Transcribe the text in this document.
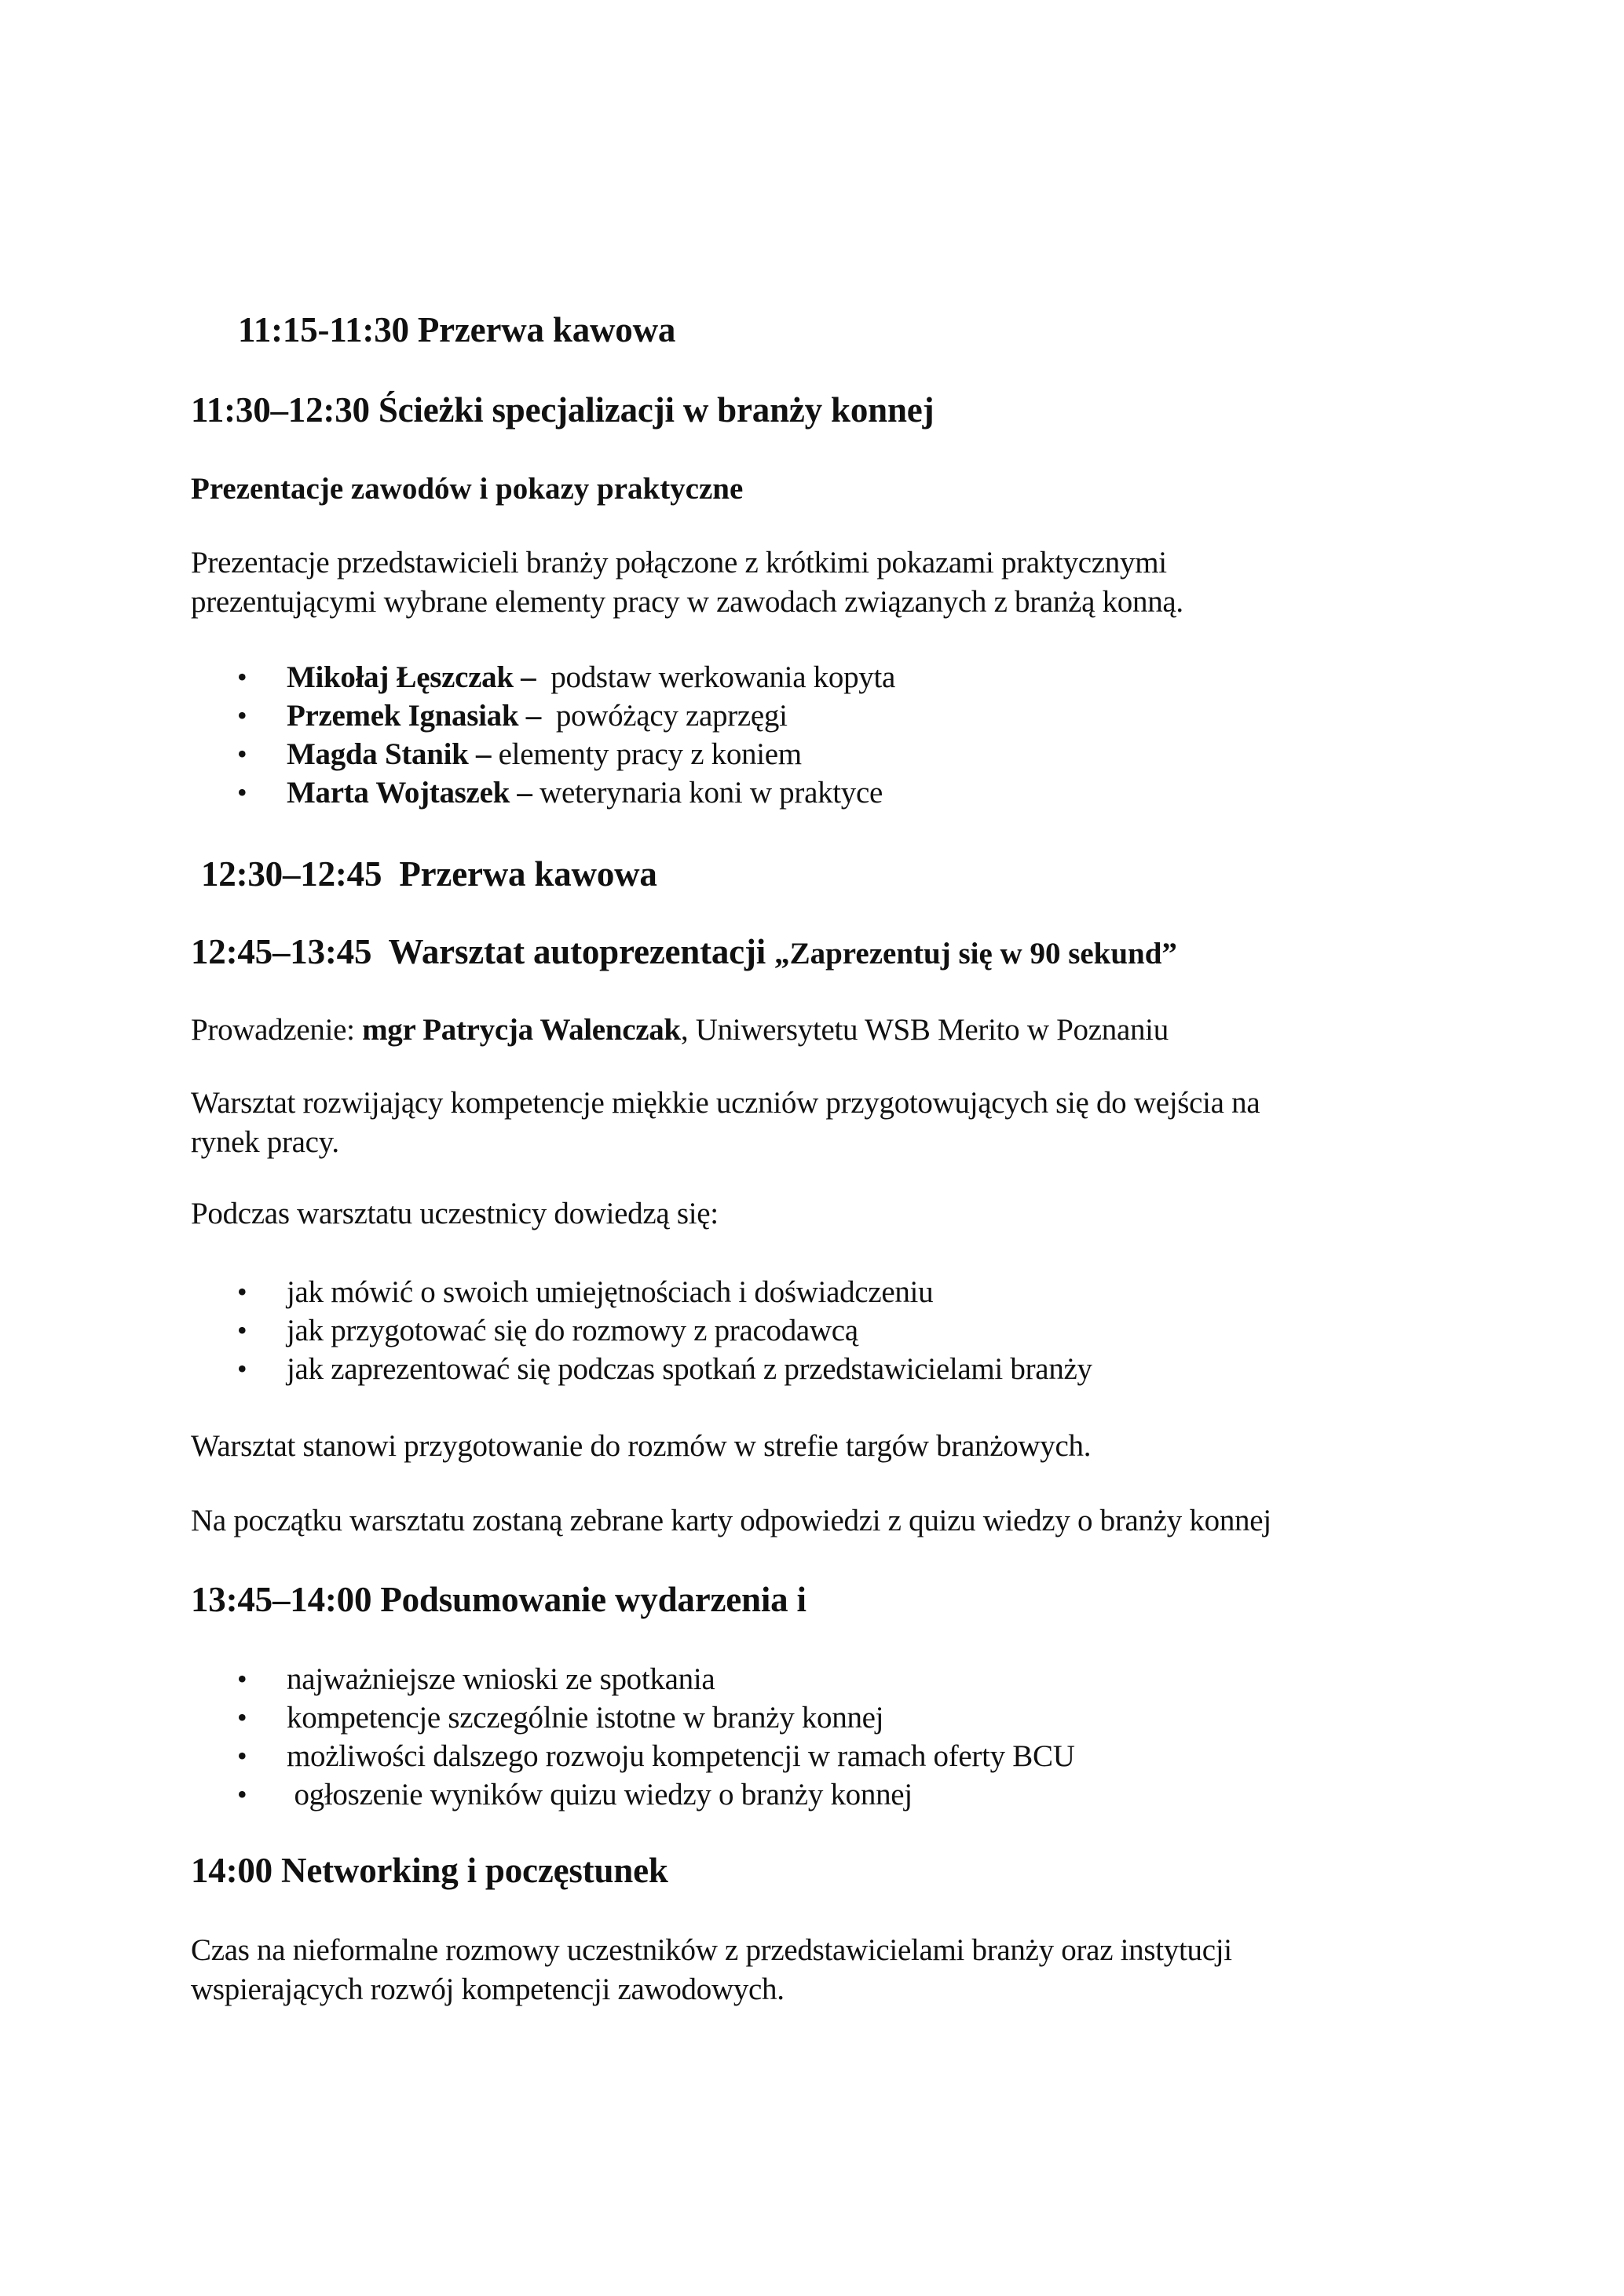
11:15-11:30 Przerwa kawowa
11:30–12:30 Ścieżki specjalizacji w branży konnej
Prezentacje zawodów i pokazy praktyczne
Prezentacje przedstawicieli branży połączone z krótkimi pokazami praktycznymi
prezentującymi wybrane elementy pracy w zawodach związanych z branżą konną.
• Mikołaj Łęszczak –  podstaw werkowania kopyta
• Przemek Ignasiak –  powóżący zaprzęgi
• Magda Stanik – elementy pracy z koniem
• Marta Wojtaszek – weterynaria koni w praktyce
12:30–12:45  Przerwa kawowa
12:45–13:45  Warsztat autoprezentacji „Zaprezentuj się w 90 sekund”
Prowadzenie: mgr Patrycja Walenczak, Uniwersytetu WSB Merito w Poznaniu
Warsztat rozwijający kompetencje miękkie uczniów przygotowujących się do wejścia na
rynek pracy.
Podczas warsztatu uczestnicy dowiedzą się:
• jak mówić o swoich umiejętnościach i doświadczeniu
• jak przygotować się do rozmowy z pracodawcą
• jak zaprezentować się podczas spotkań z przedstawicielami branży
Warsztat stanowi przygotowanie do rozmów w strefie targów branżowych.
Na początku warsztatu zostaną zebrane karty odpowiedzi z quizu wiedzy o branży konnej
13:45–14:00 Podsumowanie wydarzenia i
• najważniejsze wnioski ze spotkania
• kompetencje szczególnie istotne w branży konnej
• możliwości dalszego rozwoju kompetencji w ramach oferty BCU
• ogłoszenie wyników quizu wiedzy o branży konnej
14:00 Networking i poczęstunek
Czas na nieformalne rozmowy uczestników z przedstawicielami branży oraz instytucji
wspierających rozwój kompetencji zawodowych.
